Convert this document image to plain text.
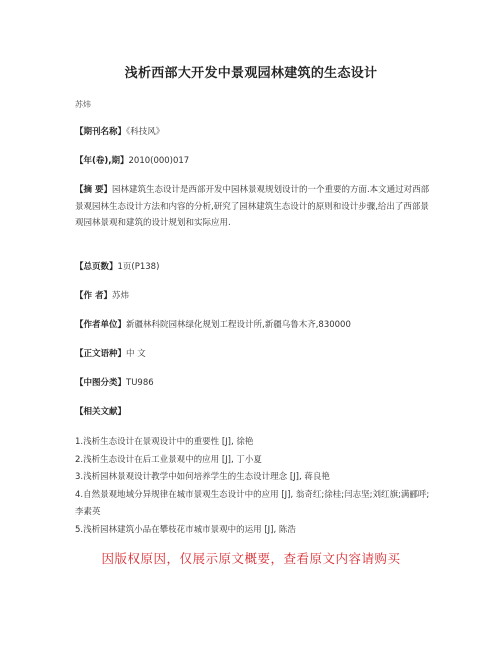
浅析西部大开发中景观园林建筑的生态设计
苏炜
【期刊名称】《科技风》
【年(卷),期】2010(000)017
【摘 要】园林建筑生态设计是西部开发中园林景观规划设计的一个重要的方面.本文通过对西部景观园林生态设计方法和内容的分析,研究了园林建筑生态设计的原则和设计步骤,给出了西部景观园林景观和建筑的设计规划和实际应用.
【总页数】1页(P138)
【作 者】苏炜
【作者单位】新疆林科院园林绿化规划工程设计所,新疆乌鲁木齐,830000
【正文语种】中 文
【中图分类】TU986
【相关文献】

1.浅析生态设计在景观设计中的重要性 [J], 徐艳

2.浅析生态设计在后工业景观中的应用 [J], 丁小夏

3.浅析园林景观设计教学中如何培养学生的生态设计理念 [J], 蒋良艳

4.自然景观地域分异规律在城市景观生态设计中的应用 [J], 翁奇红;徐桂;闫志坚;刘红旗;满郦呼;李素英

5.浅析园林建筑小品在攀枝花市城市景观中的运用 [J], 陈浩

因版权原因，仅展示原文概要，查看原文内容请购买
